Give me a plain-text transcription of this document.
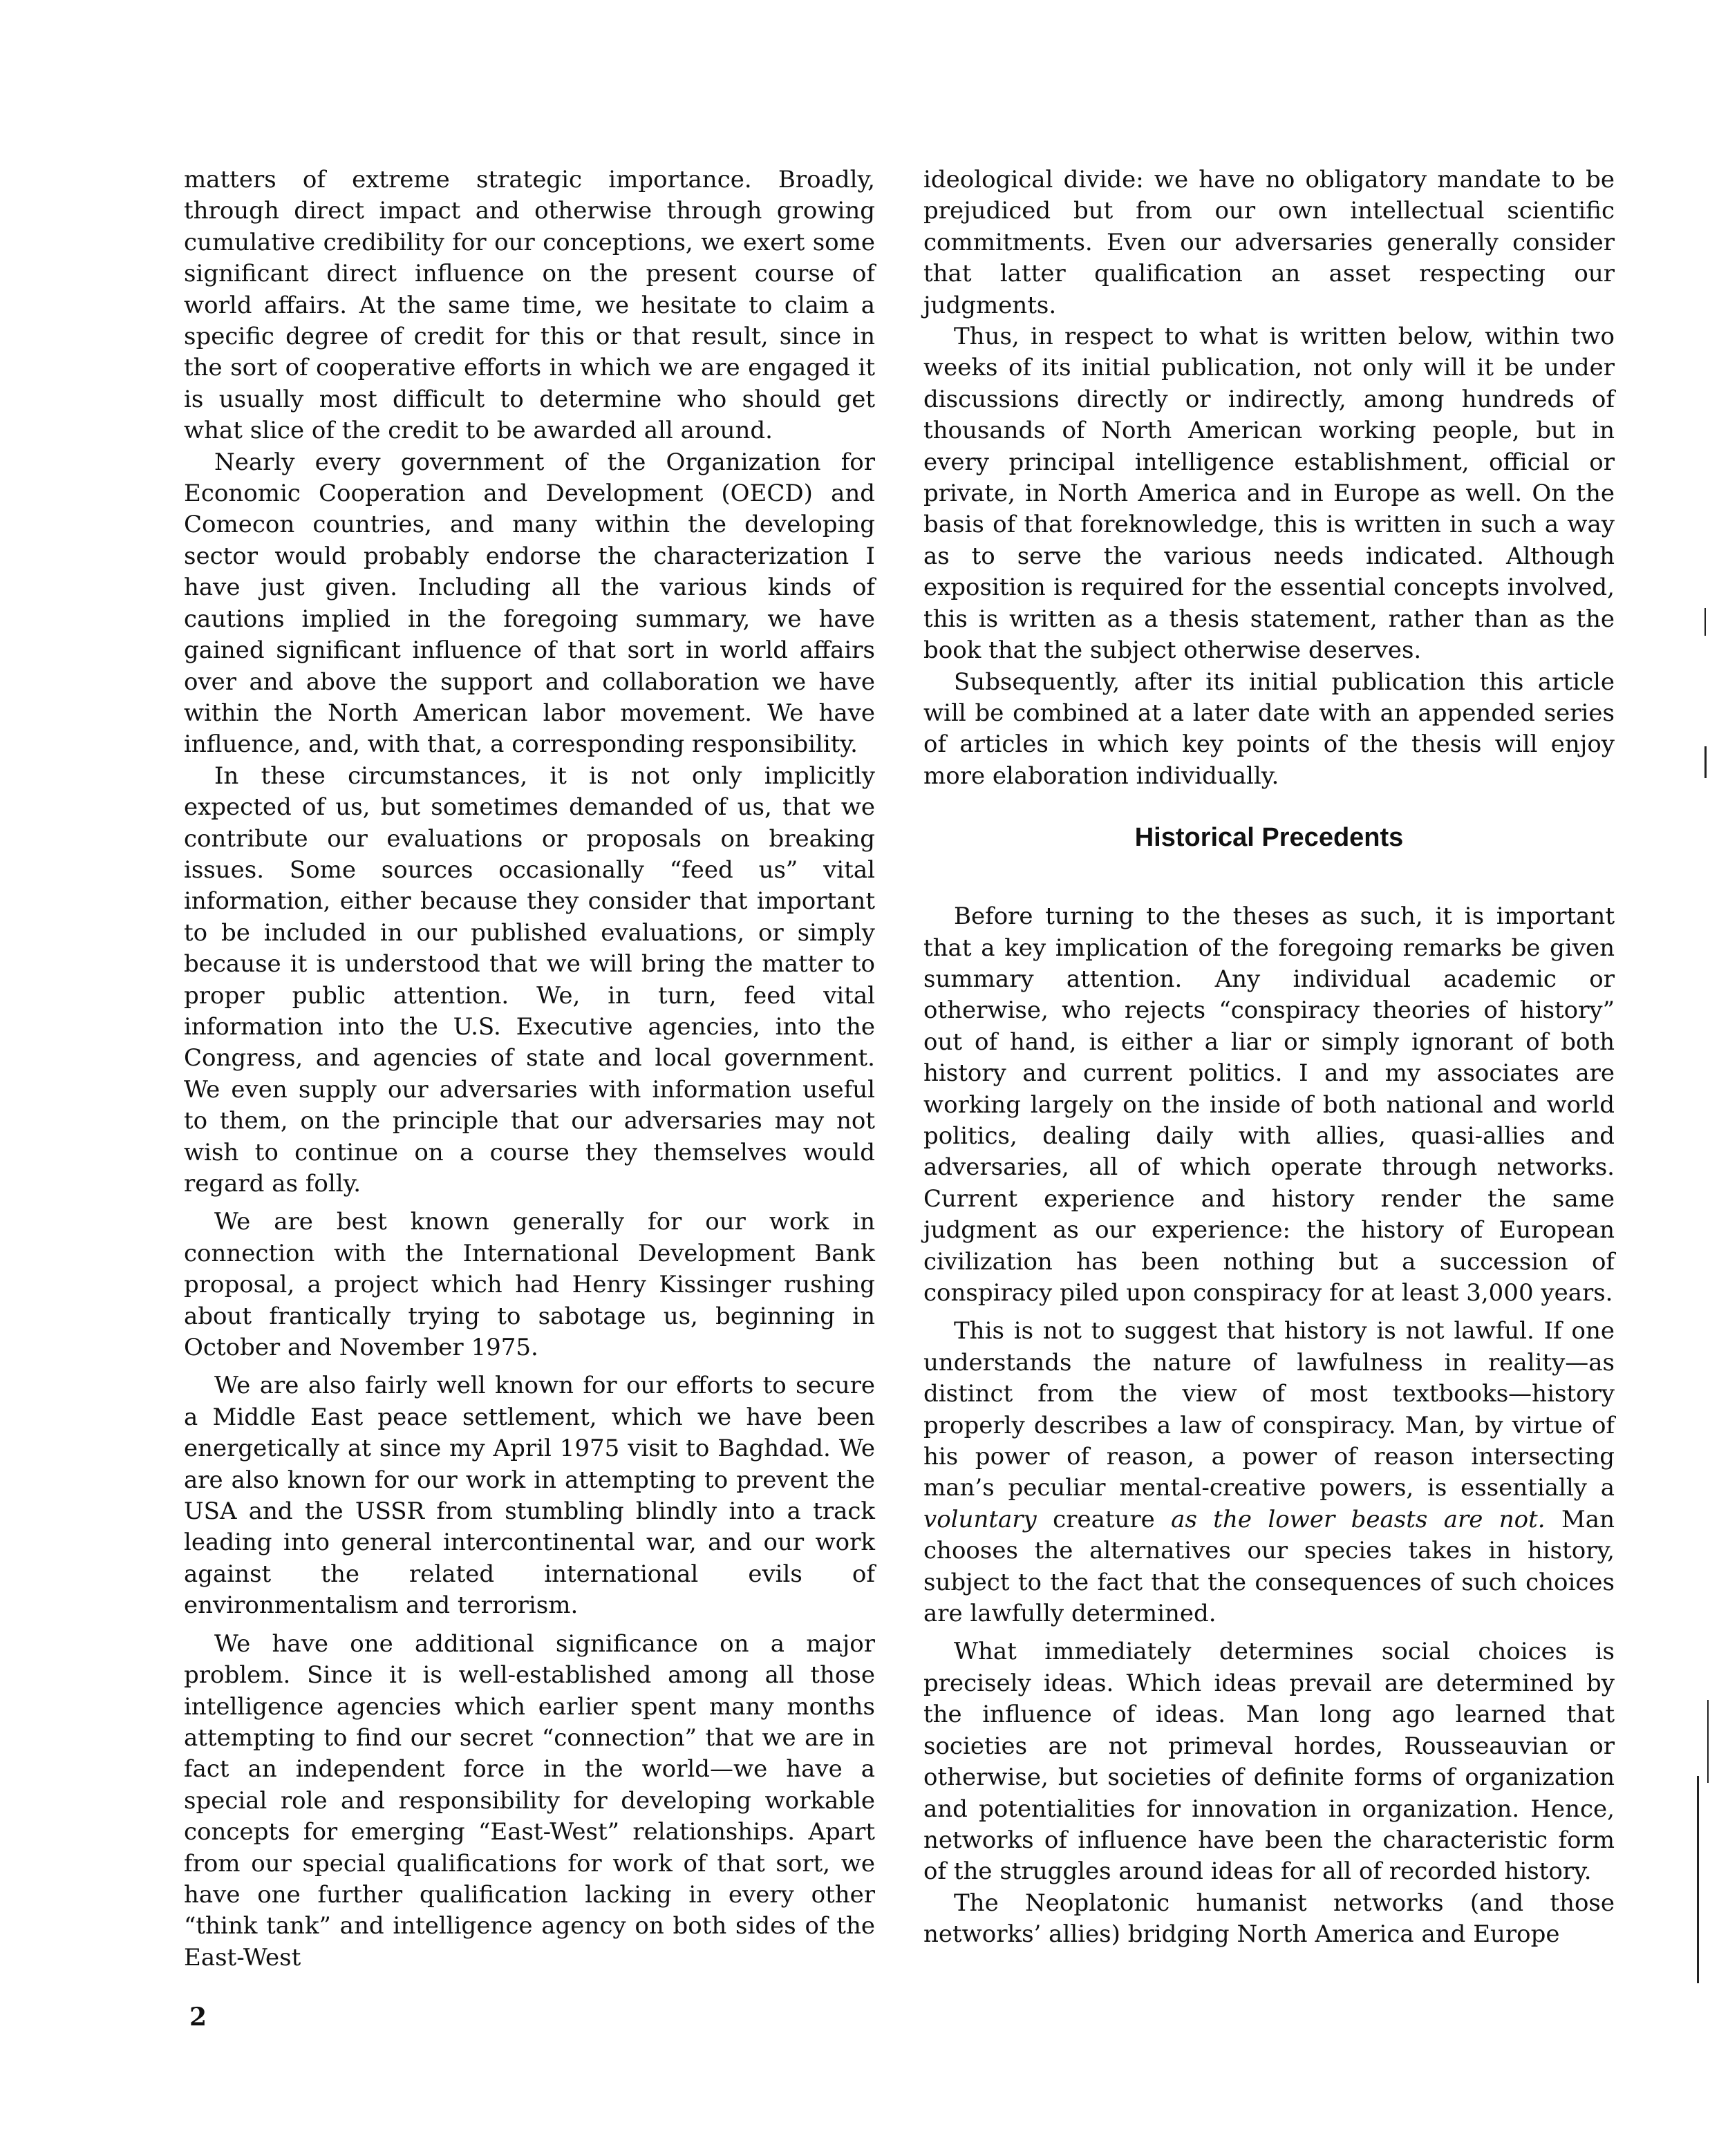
matters of extreme strategic importance. Broadly, through direct impact and otherwise through growing cumulative credibility for our conceptions, we exert some significant direct influence on the present course of world affairs. At the same time, we hesitate to claim a specific degree of credit for this or that result, since in the sort of cooperative efforts in which we are engaged it is usually most difficult to determine who should get what slice of the credit to be awarded all around.

Nearly every government of the Organization for Economic Cooperation and Development (OECD) and Comecon countries, and many within the developing sector would probably endorse the characterization I have just given. Including all the various kinds of cautions implied in the foregoing summary, we have gained significant influence of that sort in world affairs over and above the support and collaboration we have within the North American labor movement. We have influence, and, with that, a corresponding responsibility.

In these circumstances, it is not only implicitly expected of us, but sometimes demanded of us, that we contribute our evaluations or proposals on breaking issues. Some sources occasionally “feed us” vital information, either because they consider that important to be included in our published evaluations, or simply because it is understood that we will bring the matter to proper public attention. We, in turn, feed vital information into the U.S. Executive agencies, into the Congress, and agencies of state and local government. We even supply our adversaries with information useful to them, on the principle that our adversaries may not wish to continue on a course they themselves would regard as folly.

We are best known generally for our work in connection with the International Development Bank proposal, a project which had Henry Kissinger rushing about frantically trying to sabotage us, beginning in October and November 1975.

We are also fairly well known for our efforts to secure a Middle East peace settlement, which we have been energetically at since my April 1975 visit to Baghdad. We are also known for our work in attempting to prevent the USA and the USSR from stumbling blindly into a track leading into general intercontinental war, and our work against the related international evils of environmentalism and terrorism.

We have one additional significance on a major problem. Since it is well-established among all those intelligence agencies which earlier spent many months attempting to find our secret “connection” that we are in fact an independent force in the world—we have a special role and responsibility for developing workable concepts for emerging “East-West” relationships. Apart from our special qualifications for work of that sort, we have one further qualification lacking in every other “think tank” and intelligence agency on both sides of the East-West

ideological divide: we have no obligatory mandate to be prejudiced but from our own intellectual scientific commitments. Even our adversaries generally consider that latter qualification an asset respecting our judgments.

Thus, in respect to what is written below, within two weeks of its initial publication, not only will it be under discussions directly or indirectly, among hundreds of thousands of North American working people, but in every principal intelligence establishment, official or private, in North America and in Europe as well. On the basis of that foreknowledge, this is written in such a way as to serve the various needs indicated. Although exposition is required for the essential concepts involved, this is written as a thesis statement, rather than as the book that the subject otherwise deserves.

Subsequently, after its initial publication this article will be combined at a later date with an appended series of articles in which key points of the thesis will enjoy more elaboration individually.

Historical Precedents

Before turning to the theses as such, it is important that a key implication of the foregoing remarks be given summary attention. Any individual academic or otherwise, who rejects “conspiracy theories of history” out of hand, is either a liar or simply ignorant of both history and current politics. I and my associates are working largely on the inside of both national and world politics, dealing daily with allies, quasi-allies and adversaries, all of which operate through networks. Current experience and history render the same judgment as our experience: the history of European civilization has been nothing but a succession of conspiracy piled upon conspiracy for at least 3,000 years.

This is not to suggest that history is not lawful. If one understands the nature of lawfulness in reality—as distinct from the view of most textbooks—history properly describes a law of conspiracy. Man, by virtue of his power of reason, a power of reason intersecting man’s peculiar mental-creative powers, is essentially a voluntary creature as the lower beasts are not. Man chooses the alternatives our species takes in history, subject to the fact that the consequences of such choices are lawfully determined.

What immediately determines social choices is precisely ideas. Which ideas prevail are determined by the influence of ideas. Man long ago learned that societies are not primeval hordes, Rousseauvian or otherwise, but societies of definite forms of organization and potentialities for innovation in organization. Hence, networks of influence have been the characteristic form of the struggles around ideas for all of recorded history.

The Neoplatonic humanist networks (and those networks’ allies) bridging North America and Europe

2
